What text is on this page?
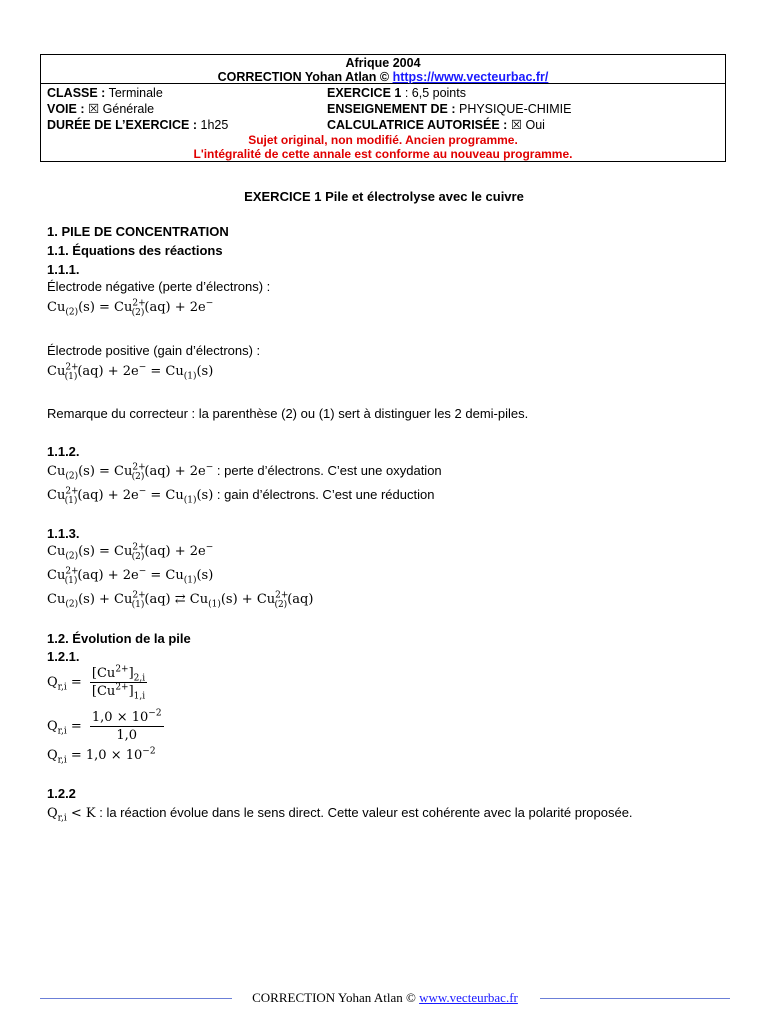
Afrique 2004
CORRECTION Yohan Atlan © https://www.vecteurbac.fr/
CLASSE : Terminale
VOIE : ☒ Générale
DURÉE DE L’EXERCICE : 1h25
EXERCICE 1 : 6,5 points
ENSEIGNEMENT DE : PHYSIQUE-CHIMIE
CALCULATRICE AUTORISÉE : ☒ Oui
Sujet original, non modifié. Ancien programme.
L'intégralité de cette annale est conforme au nouveau programme.
EXERCICE 1 Pile et électrolyse avec le cuivre
1. PILE DE CONCENTRATION
1.1. Équations des réactions
1.1.1.
Électrode négative (perte d’électrons) :
$Cu_{(2)}(s) = Cu^{2+}_{(2)}(aq) + 2e^-$
Électrode positive (gain d’électrons) :
$Cu^{2+}_{(1)}(aq) + 2e^- = Cu_{(1)}(s)$
Remarque du correcteur : la parenthèse (2) ou (1) sert à distinguer les 2 demi-piles.
1.1.2.
$Cu_{(2)}(s) = Cu^{2+}_{(2)}(aq) + 2e^-$ : perte d’électrons. C’est une oxydation
$Cu^{2+}_{(1)}(aq) + 2e^- = Cu_{(1)}(s)$ : gain d’électrons. C’est une réduction
1.1.3.
$Cu_{(2)}(s) = Cu^{2+}_{(2)}(aq) + 2e^-$
$Cu^{2+}_{(1)}(aq) + 2e^- = Cu_{(1)}(s)$
$Cu_{(2)}(s) + Cu^{2+}_{(1)}(aq)$ ⇄ $Cu_{(1)}(s) + Cu^{2+}_{(2)}(aq)$
1.2. Évolution de la pile
1.2.1.
$Q_{r,i} = \frac{[Cu^{2+}]_{2,i}}{[Cu^{2+}]_{1,i}}$
$Q_{r,i} = \frac{1,0 \times 10^{-2}}{1,0}$
$Q_{r,i} = 1,0 \times 10^{-2}$
1.2.2
$Q_{r,i} < K$ : la réaction évolue dans le sens direct. Cette valeur est cohérente avec la polarité proposée.
CORRECTION Yohan Atlan © www.vecteurbac.fr
